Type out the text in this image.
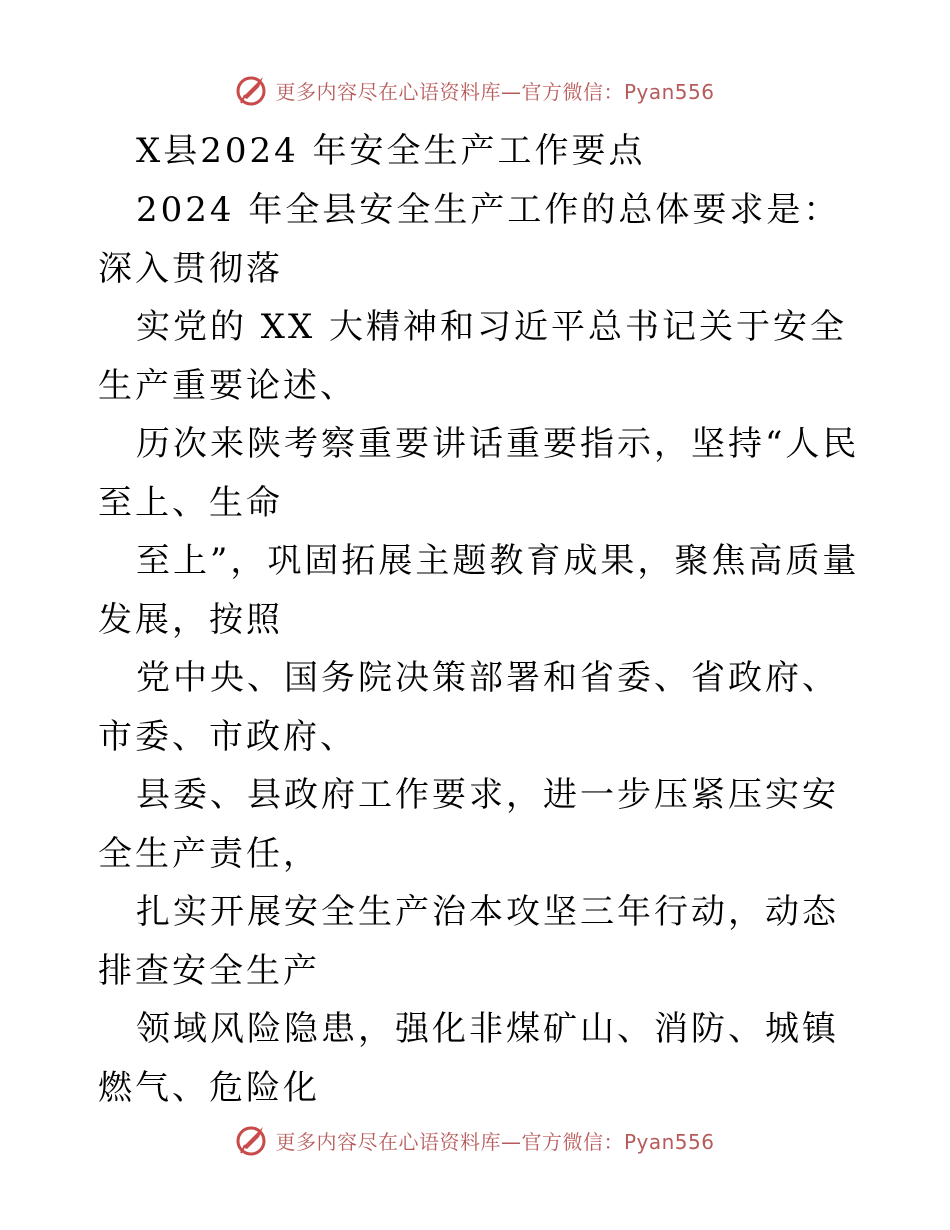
更多内容尽在心语资料库—官方微信：Pyan556

X县2024 年安全生产工作要点

2024 年全县安全生产工作的总体要求是：深入贯彻落

实党的 XX 大精神和习近平总书记关于安全生产重要论述、

历次来陕考察重要讲话重要指示，坚持“人民至上、生命

至上”，巩固拓展主题教育成果，聚焦高质量发展，按照

党中央、国务院决策部署和省委、省政府、市委、市政府、

县委、县政府工作要求，进一步压紧压实安全生产责任，

扎实开展安全生产治本攻坚三年行动，动态排查安全生产

领域风险隐患，强化非煤矿山、消防、城镇燃气、危险化

更多内容尽在心语资料库—官方微信：Pyan556
